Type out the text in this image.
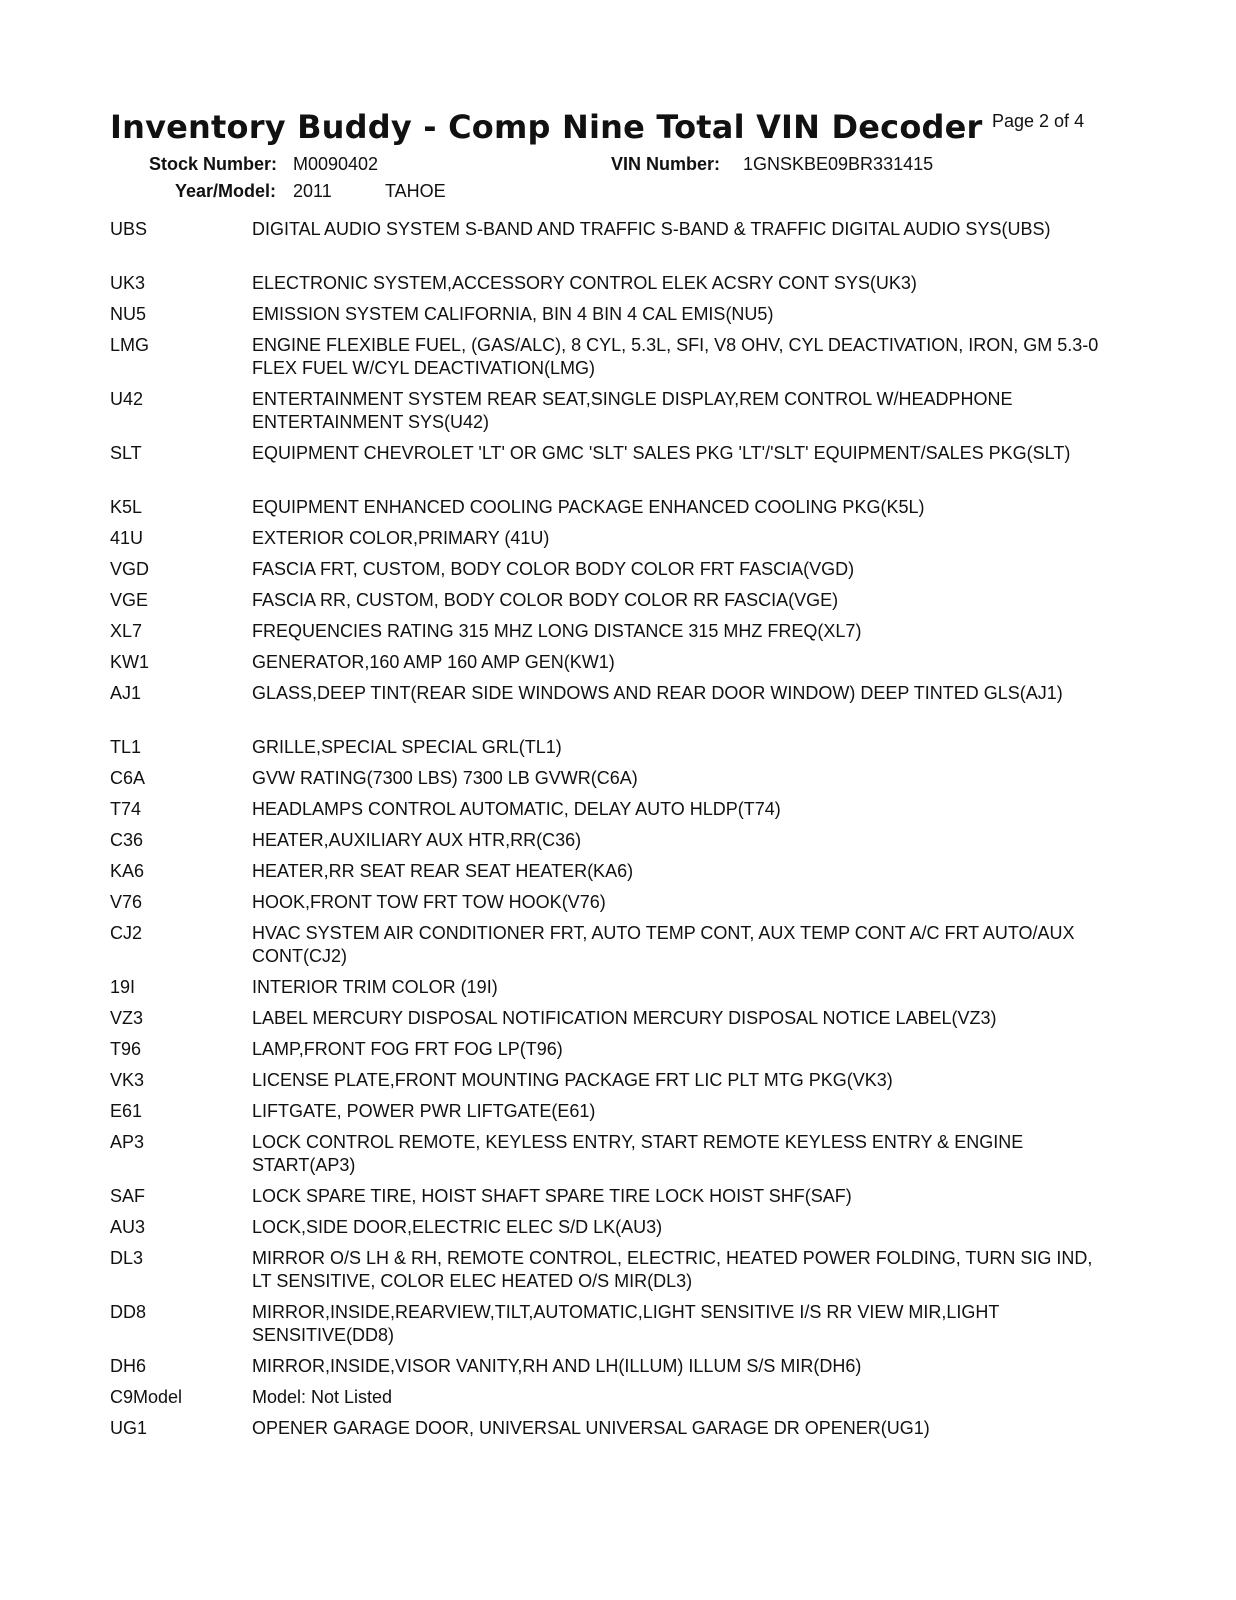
Inventory Buddy - Comp Nine Total VIN Decoder Page 2 of 4
Stock Number: M0090402	VIN Number: 1GNSKBE09BR331415
Year/Model: 2011	TAHOE
UBS	DIGITAL AUDIO SYSTEM S-BAND AND TRAFFIC S-BAND & TRAFFIC DIGITAL AUDIO SYS(UBS)
UK3	ELECTRONIC SYSTEM,ACCESSORY CONTROL ELEK ACSRY CONT SYS(UK3)
NU5	EMISSION SYSTEM CALIFORNIA, BIN 4 BIN 4 CAL EMIS(NU5)
LMG	ENGINE FLEXIBLE FUEL, (GAS/ALC), 8 CYL, 5.3L, SFI, V8 OHV, CYL DEACTIVATION, IRON, GM 5.3-0 FLEX FUEL W/CYL DEACTIVATION(LMG)
U42	ENTERTAINMENT SYSTEM REAR SEAT,SINGLE DISPLAY,REM CONTROL W/HEADPHONE ENTERTAINMENT SYS(U42)
SLT	EQUIPMENT CHEVROLET 'LT' OR GMC 'SLT' SALES PKG 'LT'/'SLT' EQUIPMENT/SALES PKG(SLT)
K5L	EQUIPMENT ENHANCED COOLING PACKAGE ENHANCED COOLING PKG(K5L)
41U	EXTERIOR COLOR,PRIMARY (41U)
VGD	FASCIA FRT, CUSTOM, BODY COLOR BODY COLOR FRT FASCIA(VGD)
VGE	FASCIA RR, CUSTOM, BODY COLOR BODY COLOR RR FASCIA(VGE)
XL7	FREQUENCIES RATING 315 MHZ LONG DISTANCE 315 MHZ FREQ(XL7)
KW1	GENERATOR,160 AMP 160 AMP GEN(KW1)
AJ1	GLASS,DEEP TINT(REAR SIDE WINDOWS AND REAR DOOR WINDOW) DEEP TINTED GLS(AJ1)
TL1	GRILLE,SPECIAL SPECIAL GRL(TL1)
C6A	GVW RATING(7300 LBS) 7300 LB GVWR(C6A)
T74	HEADLAMPS CONTROL AUTOMATIC, DELAY AUTO HLDP(T74)
C36	HEATER,AUXILIARY AUX HTR,RR(C36)
KA6	HEATER,RR SEAT REAR SEAT HEATER(KA6)
V76	HOOK,FRONT TOW FRT TOW HOOK(V76)
CJ2	HVAC SYSTEM AIR CONDITIONER FRT, AUTO TEMP CONT, AUX TEMP CONT A/C FRT AUTO/AUX CONT(CJ2)
19I	INTERIOR TRIM COLOR (19I)
VZ3	LABEL MERCURY DISPOSAL NOTIFICATION MERCURY DISPOSAL NOTICE LABEL(VZ3)
T96	LAMP,FRONT FOG FRT FOG LP(T96)
VK3	LICENSE PLATE,FRONT MOUNTING PACKAGE FRT LIC PLT MTG PKG(VK3)
E61	LIFTGATE, POWER PWR LIFTGATE(E61)
AP3	LOCK CONTROL REMOTE, KEYLESS ENTRY, START REMOTE KEYLESS ENTRY & ENGINE START(AP3)
SAF	LOCK SPARE TIRE, HOIST SHAFT SPARE TIRE LOCK HOIST SHF(SAF)
AU3	LOCK,SIDE DOOR,ELECTRIC ELEC S/D LK(AU3)
DL3	MIRROR O/S LH & RH, REMOTE CONTROL, ELECTRIC, HEATED POWER FOLDING, TURN SIG IND, LT SENSITIVE, COLOR ELEC HEATED O/S MIR(DL3)
DD8	MIRROR,INSIDE,REARVIEW,TILT,AUTOMATIC,LIGHT SENSITIVE I/S RR VIEW MIR,LIGHT SENSITIVE(DD8)
DH6	MIRROR,INSIDE,VISOR VANITY,RH AND LH(ILLUM) ILLUM S/S MIR(DH6)
C9Model	Model: Not Listed
UG1	OPENER GARAGE DOOR, UNIVERSAL UNIVERSAL GARAGE DR OPENER(UG1)
